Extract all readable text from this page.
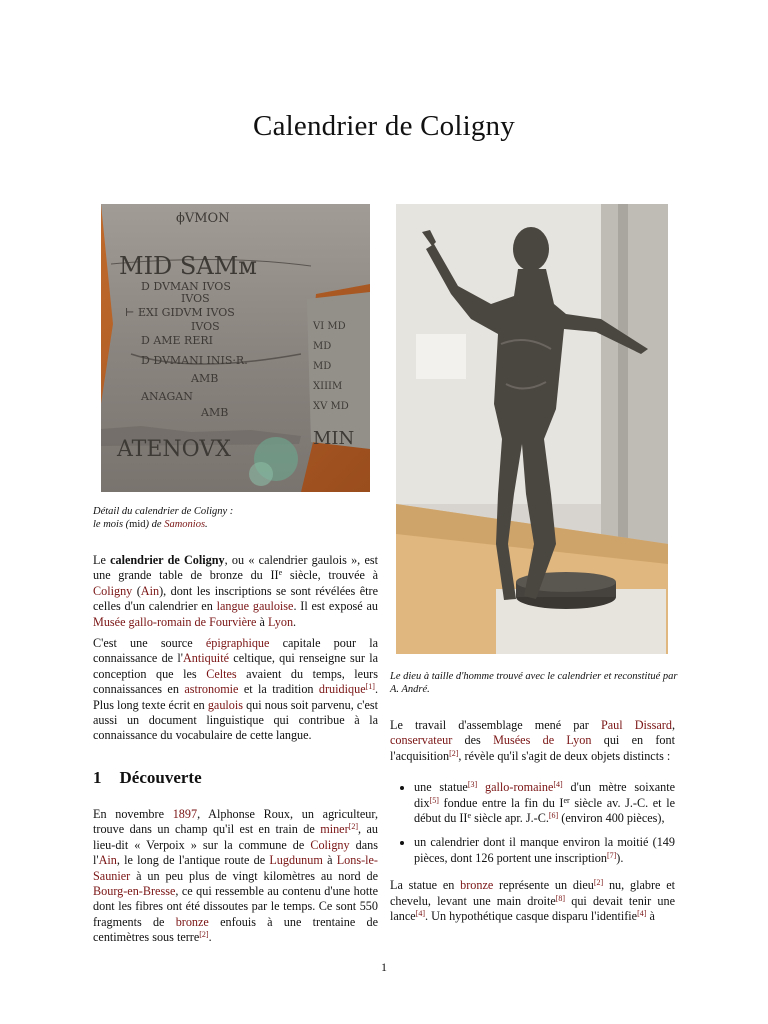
Calendrier de Coligny
ϕVMON
MID SAMᴍ
D DVMAN IVOS
IVOS
⊢ EXI GIDVM IVOS
IVOS
D AME RERI
D DVMANI INIS·R.
AMB
ANAGAN
AMB
ATENOVX
VI MD
MD
MD
XIIIM
XV MD
MIN
Détail du calendrier de Coligny :
le mois (mid) de Samonios.
Le dieu à taille d'homme trouvé avec le calendrier et reconstitué par A. André.

Le calendrier de Coligny, ou « calendrier gaulois », est une grande table de bronze du IIe siècle, trouvée à Coligny (Ain), dont les inscriptions se sont révélées être celles d'un calendrier en langue gauloise. Il est exposé au Musée gallo-romain de Fourvière à Lyon.

C'est une source épigraphique capitale pour la connaissance de l'Antiquité celtique, qui renseigne sur la conception que les Celtes avaient du temps, leurs connaissances en astronomie et la tradition druidique[1]. Plus long texte écrit en gaulois qui nous soit parvenu, c'est aussi un document linguistique qui contribue à la connaissance du vocabulaire de cette langue.

1 Découverte

En novembre 1897, Alphonse Roux, un agriculteur, trouve dans un champ qu'il est en train de miner[2], au lieu-dit « Verpoix » sur la commune de Coligny dans l'Ain, le long de l'antique route de Lugdunum à Lons-le-Saunier à un peu plus de vingt kilomètres au nord de Bourg-en-Bresse, ce qui ressemble au contenu d'une hotte dont les fibres ont été dissoutes par le temps. Ce sont 550 fragments de bronze enfouis à une trentaine de centimètres sous terre[2].

Le travail d'assemblage mené par Paul Dissard, conservateur des Musées de Lyon qui en font l'acquisition[2], révèle qu'il s'agit de deux objets distincts :

• une statue[3] gallo-romaine[4] d'un mètre soixante dix[5] fondue entre la fin du Ier siècle av. J.-C. et le début du IIe siècle apr. J.-C.[6] (environ 400 pièces),
• un calendrier dont il manque environ la moitié (149 pièces, dont 126 portent une inscription[7]).

La statue en bronze représente un dieu[2] nu, glabre et chevelu, levant une main droite[8] qui devait tenir une lance[4]. Un hypothétique casque disparu l'identifie[4] à

1
